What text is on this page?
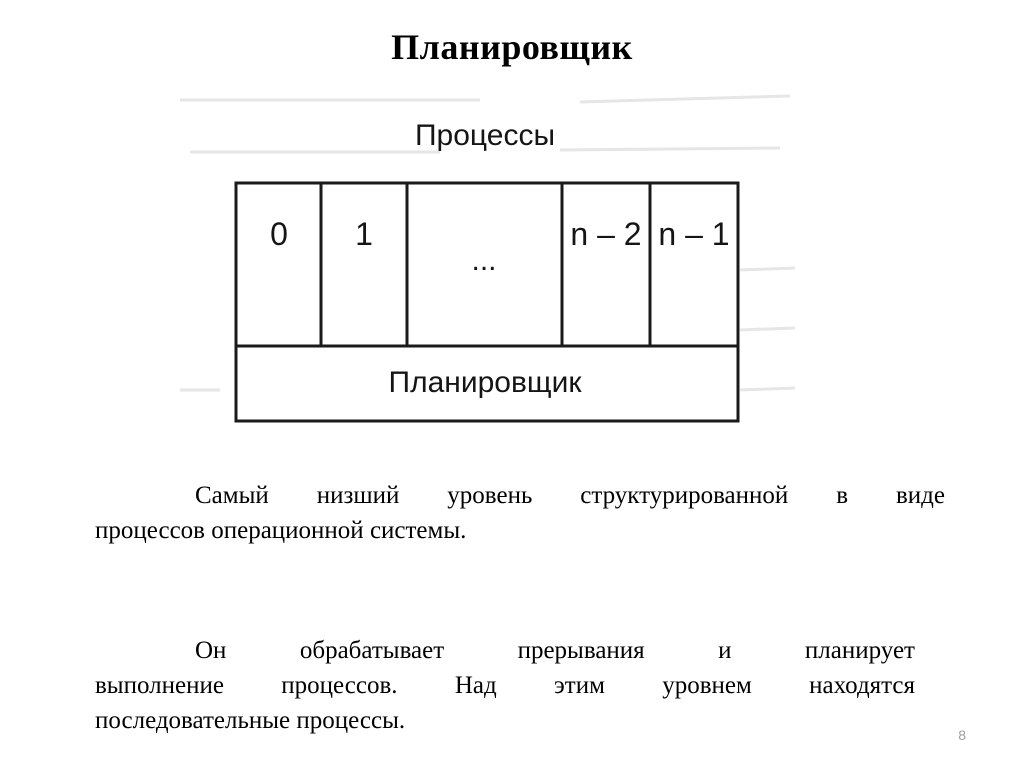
Планировщик
Процессы
0 1
...
n – 2 n – 1
Планировщик
Самый низший уровень структурированной в виде
процессов операционной системы.
Он обрабатывает прерывания и планирует
выполнение процессов. Над этим уровнем находятся
последовательные процессы.
8
